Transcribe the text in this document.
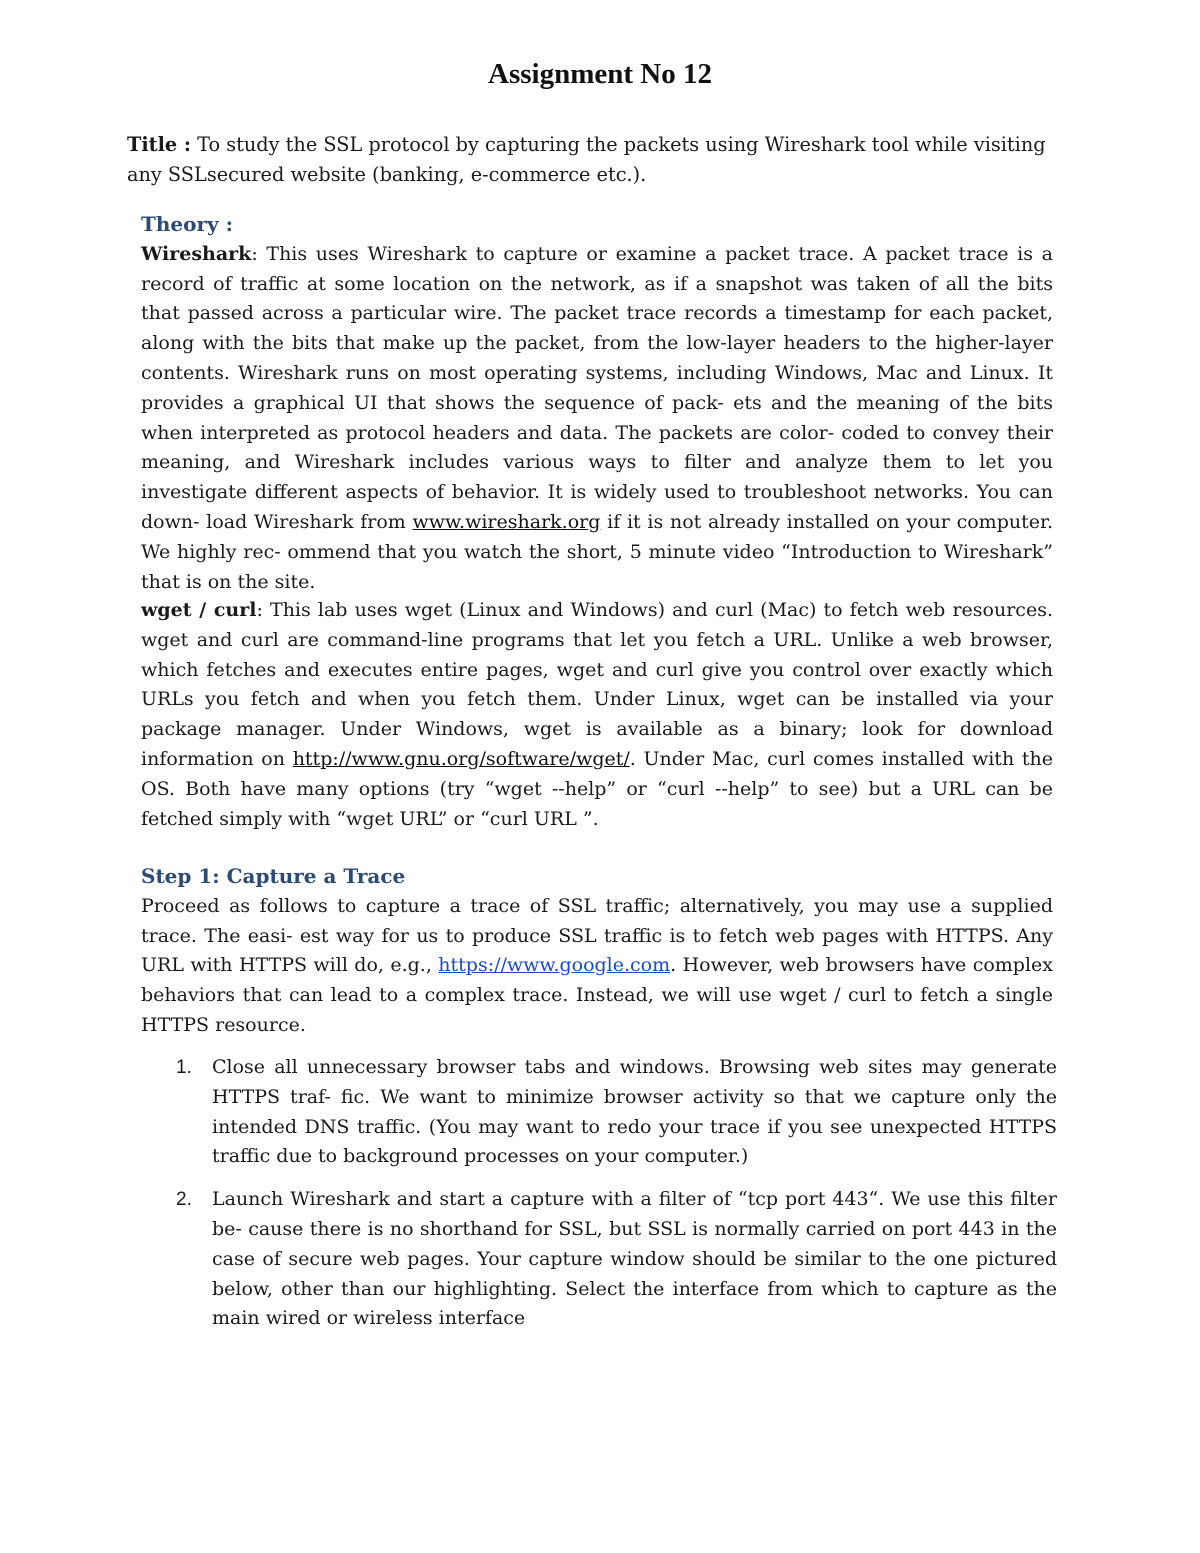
Assignment No 12

Title : To study the SSL protocol by capturing the packets using Wireshark tool while visiting any SSLsecured website (banking, e-commerce etc.).

Theory :

Wireshark: This uses Wireshark to capture or examine a packet trace. A packet trace is a record of traffic at some location on the network, as if a snapshot was taken of all the bits that passed across a particular wire. The packet trace records a timestamp for each packet, along with the bits that make up the packet, from the low-layer headers to the higher-layer contents. Wireshark runs on most operating systems, including Windows, Mac and Linux. It provides a graphical UI that shows the sequence of pack- ets and the meaning of the bits when interpreted as protocol headers and data. The packets are color- coded to convey their meaning, and Wireshark includes various ways to filter and analyze them to let you investigate different aspects of behavior. It is widely used to troubleshoot networks. You can down- load Wireshark from www.wireshark.org if it is not already installed on your computer. We highly rec- ommend that you watch the short, 5 minute video “Introduction to Wireshark” that is on the site.

wget / curl: This lab uses wget (Linux and Windows) and curl (Mac) to fetch web resources. wget and curl are command-line programs that let you fetch a URL. Unlike a web browser, which fetches and executes entire pages, wget and curl give you control over exactly which URLs you fetch and when you fetch them. Under Linux, wget can be installed via your package manager. Under Windows, wget is available as a binary; look for download information on http://www.gnu.org/software/wget/. Under Mac, curl comes installed with the OS. Both have many options (try “wget --help” or “curl --help” to see) but a URL can be fetched simply with “wget URL” or “curl URL ”.

Step 1: Capture a Trace

Proceed as follows to capture a trace of SSL traffic; alternatively, you may use a supplied trace. The easi- est way for us to produce SSL traffic is to fetch web pages with HTTPS. Any URL with HTTPS will do, e.g., https://www.google.com. However, web browsers have complex behaviors that can lead to a complex trace. Instead, we will use wget / curl to fetch a single HTTPS resource.

1. Close all unnecessary browser tabs and windows. Browsing web sites may generate HTTPS traf- fic. We want to minimize browser activity so that we capture only the intended DNS traffic. (You may want to redo your trace if you see unexpected HTTPS traffic due to background processes on your computer.)
2. Launch Wireshark and start a capture with a filter of “tcp port 443“. We use this filter be- cause there is no shorthand for SSL, but SSL is normally carried on port 443 in the case of secure web pages. Your capture window should be similar to the one pictured below, other than our highlighting. Select the interface from which to capture as the main wired or wireless interface
